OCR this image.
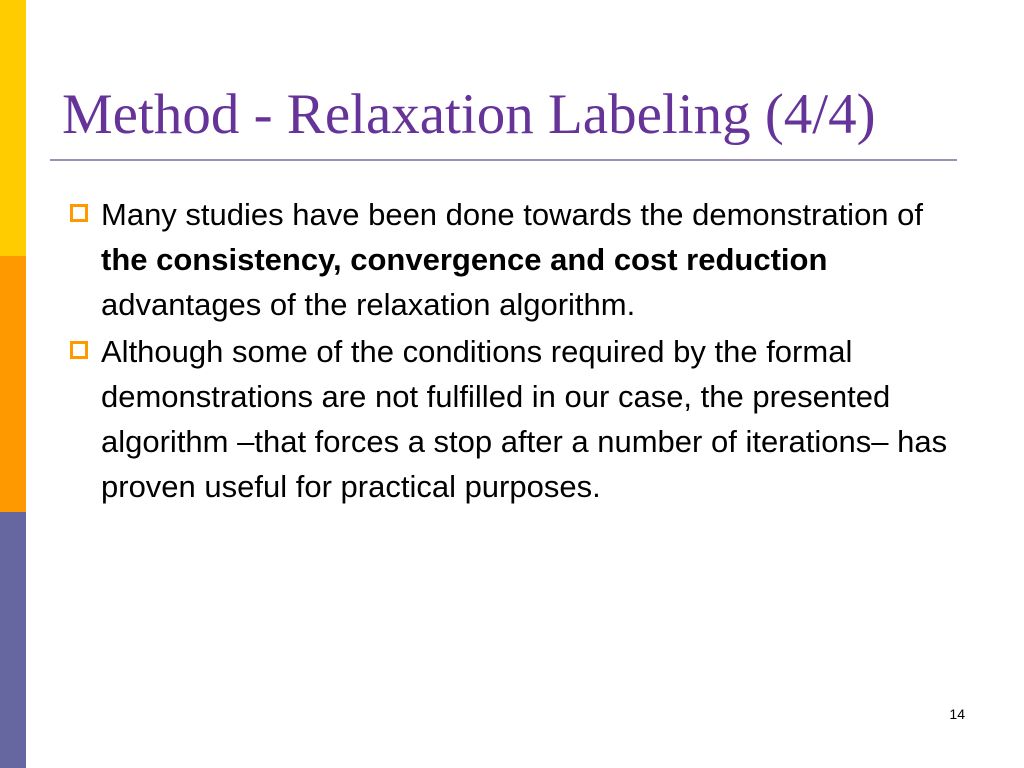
Method - Relaxation Labeling (4/4)
Many studies have been done towards the demonstration of the consistency, convergence and cost reduction advantages of the relaxation algorithm.
Although some of the conditions required by the formal demonstrations are not fulfilled in our case, the presented algorithm –that forces a stop after a number of iterations– has proven useful for practical purposes.
14
